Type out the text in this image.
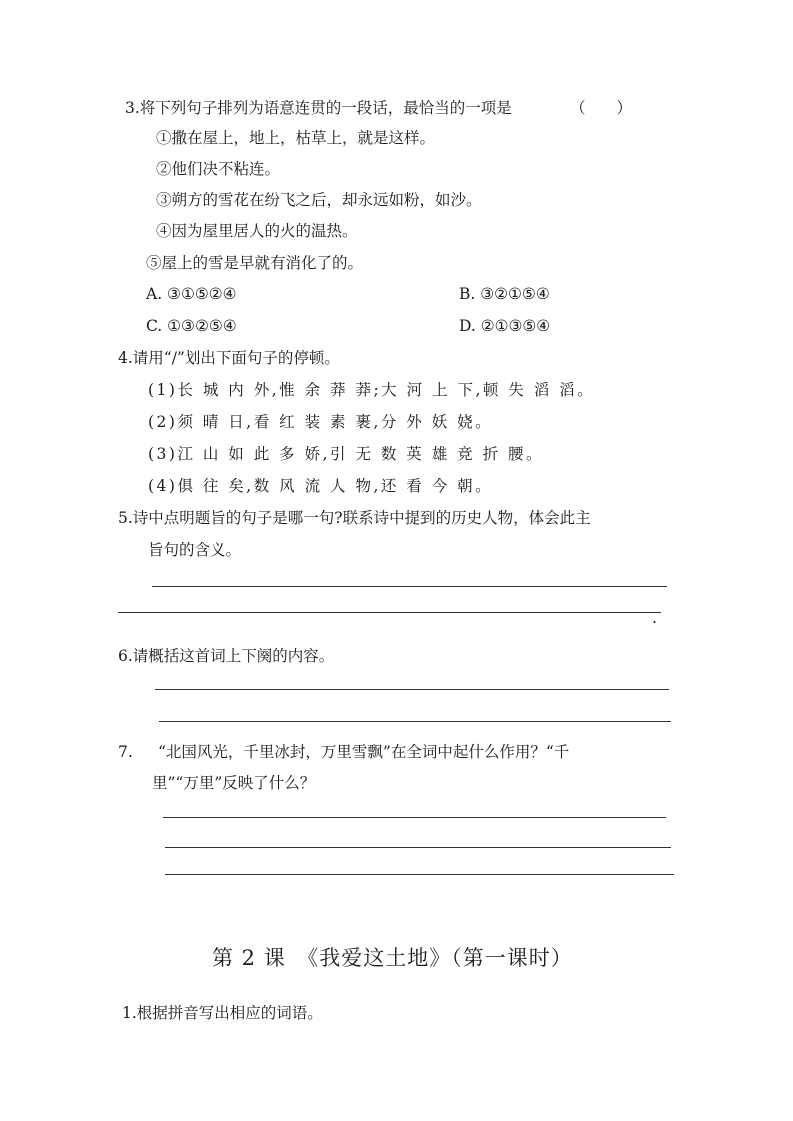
3.将下列句子排列为语意连贯的一段话，最恰当的一项是	（　　）
①撒在屋上，地上，枯草上，就是这样。
②他们决不粘连。
③朔方的雪花在纷飞之后，却永远如粉，如沙。
④因为屋里居人的火的温热。
⑤屋上的雪是早就有消化了的。
A. ③①⑤②④	B. ③②①⑤④
C. ①③②⑤④	D. ②①③⑤④
4.请用“/”划出下面句子的停顿。
(1)长 城 内 外,惟 余 莽 莽;大 河 上 下,顿 失 滔 滔。
(2)须 晴 日,看 红 装 素 裹,分 外 妖 娆。
(3)江 山 如 此 多 娇,引 无 数 英 雄 竞 折 腰。
(4)俱 往 矣,数 风 流 人 物,还 看 今 朝。
5.诗中点明题旨的句子是哪一句?联系诗中提到的历史人物，体会此主
旨句的含义。
.
6.请概括这首词上下阕的内容。
7. “北国风光，千里冰封，万里雪飘”在全词中起什么作用？“千
里”“万里”反映了什么？
第 2 课　《我爱这土地》（第一课时）
1.根据拼音写出相应的词语。
